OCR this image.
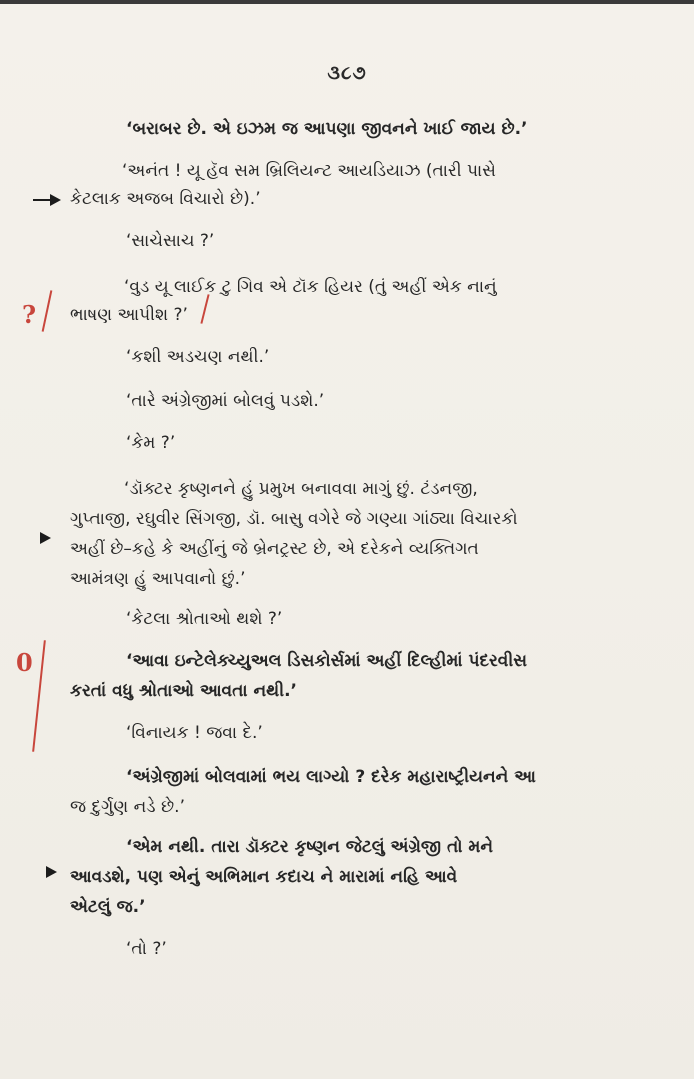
૩૮૭
‘બરાબર છે. એ ઇઝમ જ આપણા જીવનને ખાઈ જાય છે.’
‘અનંત ! યૂ હૅવ સમ બ્રિલિયન્ટ આયડિયાઝ (તારી પાસે
કેટલાક અજબ વિચારો છે).’
‘સાચેસાચ ?’
‘વુડ યૂ લાઈક ટુ ગિવ એ ટૉક હિયર (તું અહીં એક નાનું
ભાષણ આપીશ ?’
‘કશી અડચણ નથી.’
‘તારે અંગ્રેજીમાં બોલવું પડશે.’
‘કેમ ?’
‘ડૉક્ટર કૃષ્ણનને હું પ્રમુખ બનાવવા માગું છું. ટંડનજી,
ગુપ્તાજી, રઘુવીર સિંગજી, ડૉ. બાસુ વગેરે જે ગણ્યા ગાંઠ્યા વિચારકો
અહીં છે–કહે કે અહીંનું જે બ્રેનટ્રસ્ટ છે, એ દરેકને વ્યક્તિગત
આમંત્રણ હું આપવાનો છું.’
‘કેટલા શ્રોતાઓ થશે ?’
‘આવા ઇન્ટેલેક્ચ્યુઅલ ડિસકોર્સમાં અહીં દિલ્હીમાં પંદરવીસ
કરતાં વધુ શ્રોતાઓ આવતા નથી.’
‘વિનાયક ! જવા દે.’
‘અંગ્રેજીમાં બોલવામાં ભય લાગ્યો ? દરેક મહારાષ્ટ્રીયનને આ
જ દુર્ગુણ નડે છે.’
‘એમ નથી. તારા ડૉક્ટર કૃષ્ણન જેટલું અંગ્રેજી તો મને
આવડશે, પણ એનું અભિમાન કદાચ ને મારામાં નહિ આવે
એટલું જ.’
‘તો ?’
?
0
